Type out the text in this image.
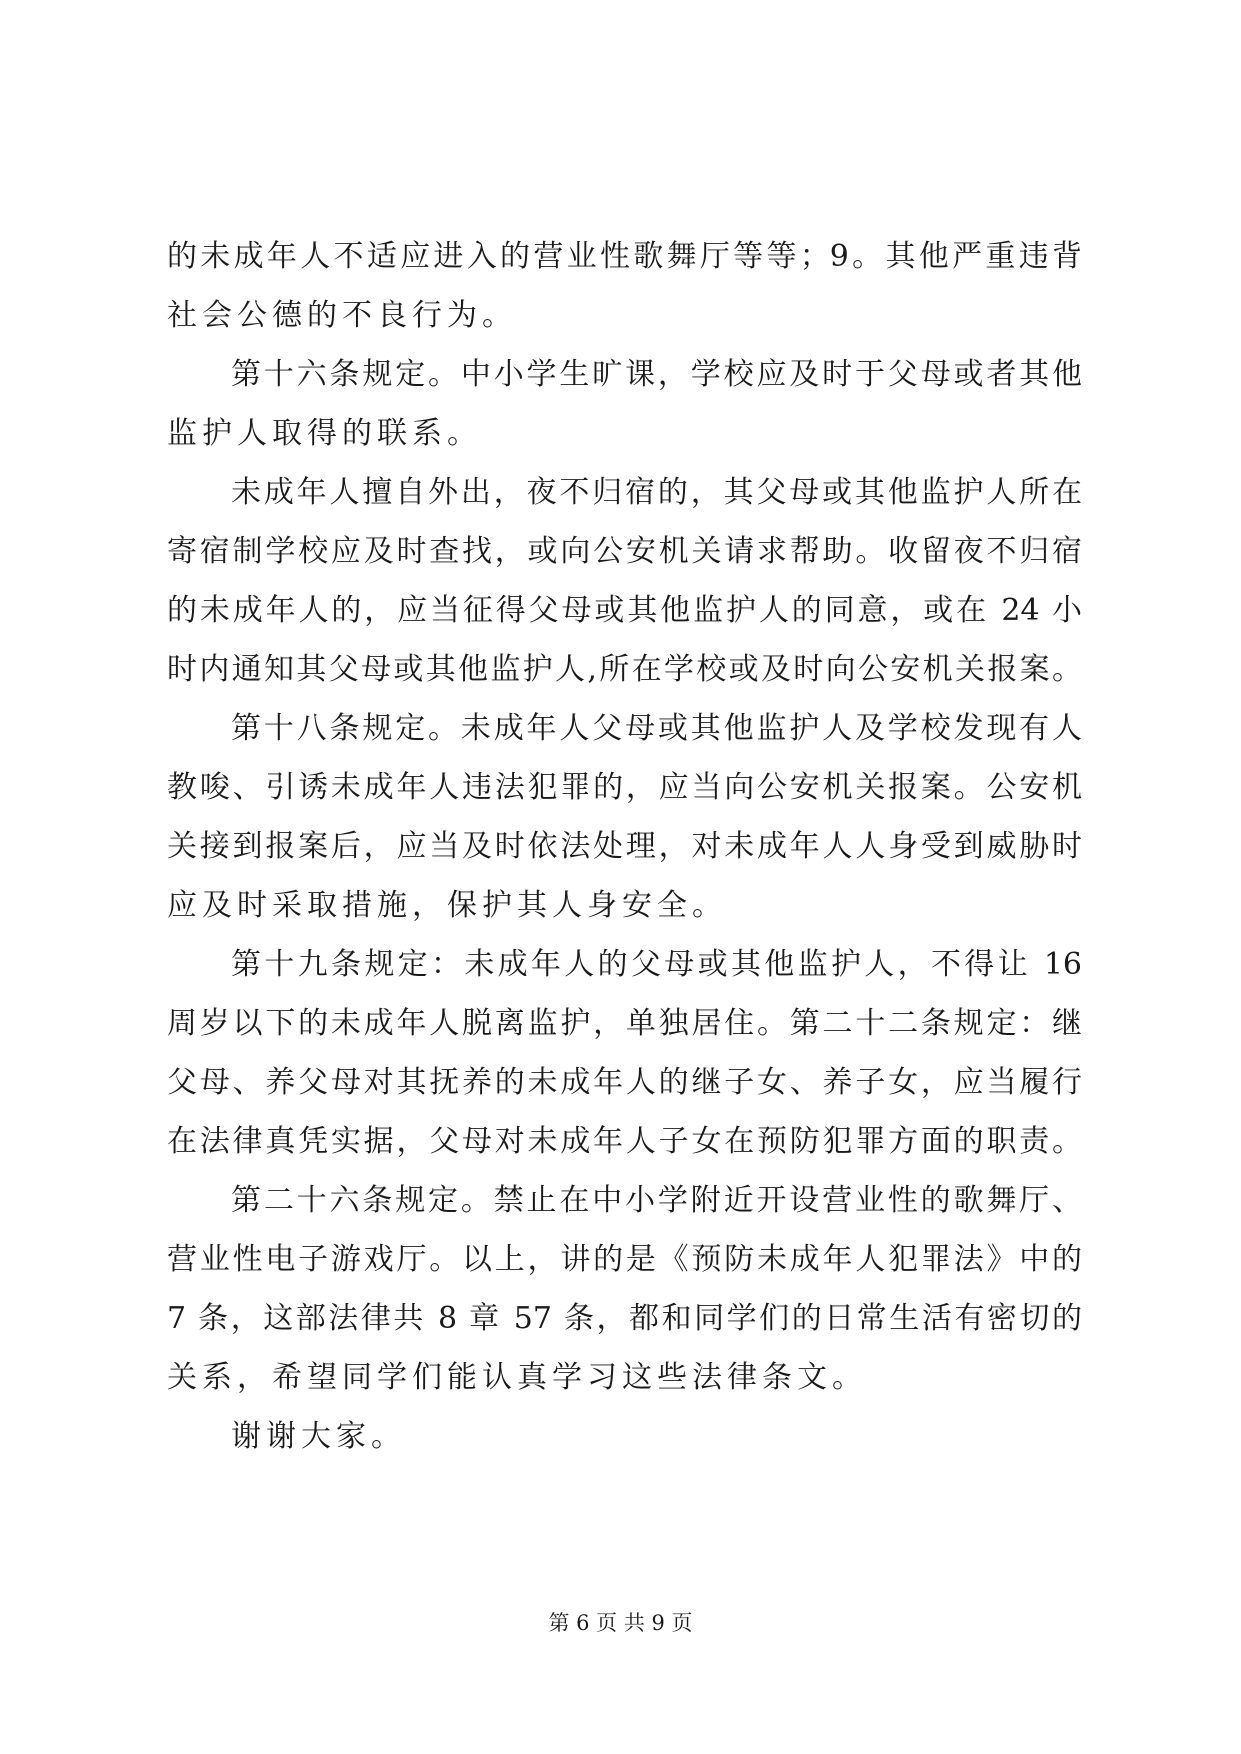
的未成年人不适应进入的营业性歌舞厅等等；9。其他严重违背
社会公德的不良行为。
第十六条规定。中小学生旷课，学校应及时于父母或者其他
监护人取得的联系。
未成年人擅自外出，夜不归宿的，其父母或其他监护人所在
寄宿制学校应及时查找，或向公安机关请求帮助。收留夜不归宿
的未成年人的，应当征得父母或其他监护人的同意，或在 24 小
时内通知其父母或其他监护人,所在学校或及时向公安机关报案。
第十八条规定。未成年人父母或其他监护人及学校发现有人
教唆、引诱未成年人违法犯罪的，应当向公安机关报案。公安机
关接到报案后，应当及时依法处理，对未成年人人身受到威胁时
应及时采取措施，保护其人身安全。
第十九条规定：未成年人的父母或其他监护人，不得让 16
周岁以下的未成年人脱离监护，单独居住。第二十二条规定：继
父母、养父母对其抚养的未成年人的继子女、养子女，应当履行
在法律真凭实据，父母对未成年人子女在预防犯罪方面的职责。
第二十六条规定。禁止在中小学附近开设营业性的歌舞厅、
营业性电子游戏厅。以上，讲的是《预防未成年人犯罪法》中的
7 条，这部法律共 8 章 57 条，都和同学们的日常生活有密切的
关系，希望同学们能认真学习这些法律条文。
谢谢大家。
第 6 页 共 9 页
